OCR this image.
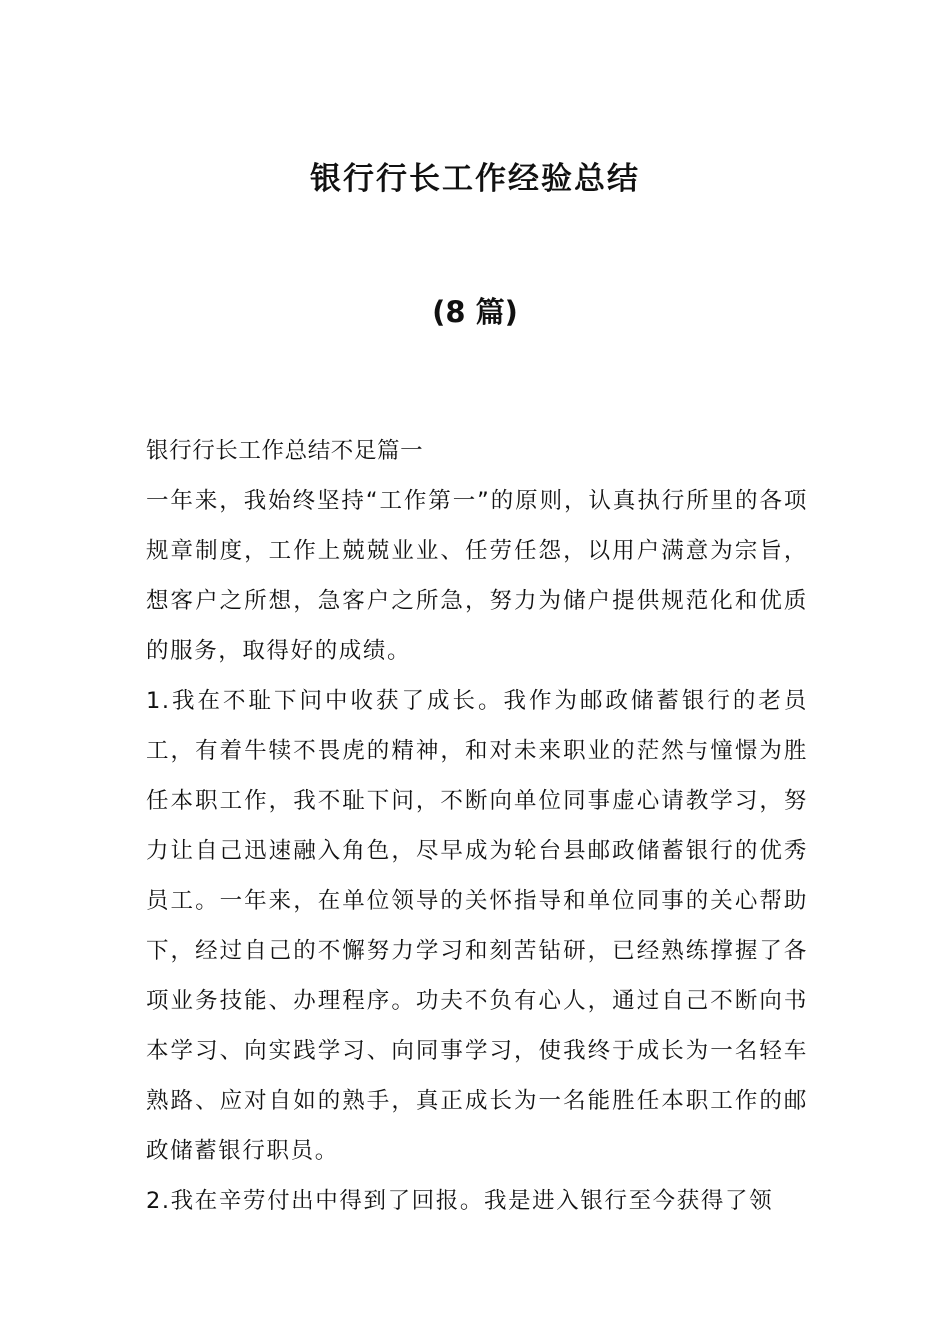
银行行长工作经验总结
(8 篇)

银行行长工作总结不足篇一

一年来，我始终坚持“工作第一”的原则，认真执行所里的各项规章制度，工作上兢兢业业、任劳任怨，以用户满意为宗旨，想客户之所想，急客户之所急，努力为储户提供规范化和优质的服务，取得好的成绩。

1.我在不耻下问中收获了成长。我作为邮政储蓄银行的老员工，有着牛犊不畏虎的精神，和对未来职业的茫然与憧憬为胜任本职工作，我不耻下问，不断向单位同事虚心请教学习，努力让自己迅速融入角色，尽早成为轮台县邮政储蓄银行的优秀员工。一年来，在单位领导的关怀指导和单位同事的关心帮助下，经过自己的不懈努力学习和刻苦钻研，已经熟练撑握了各项业务技能、办理程序。功夫不负有心人，通过自己不断向书本学习、向实践学习、向同事学习，使我终于成长为一名轻车熟路、应对自如的熟手，真正成长为一名能胜任本职工作的邮政储蓄银行职员。

2.我在辛劳付出中得到了回报。我是进入银行至今获得了领
